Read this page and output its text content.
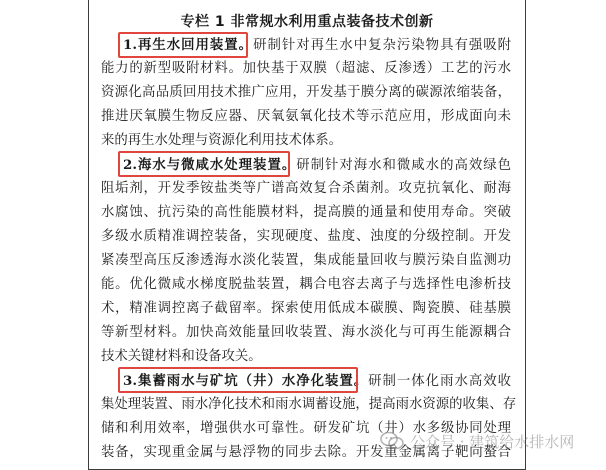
专栏 1 非常规水利用重点装备技术创新
1.再生水回用装置。研制针对再生水中复杂污染物具有强吸附
能力的新型吸附材料。加快基于双膜（超滤、反渗透）工艺的污水
资源化高品质回用技术推广应用，开发基于膜分离的碳源浓缩装备，
推进厌氧膜生物反应器、厌氧氨氧化技术等示范应用，形成面向未
来的再生水处理与资源化利用技术体系。
2.海水与微咸水处理装置。研制针对海水和微咸水的高效绿色
阻垢剂，开发季铵盐类等广谱高效复合杀菌剂。攻克抗氧化、耐海
水腐蚀、抗污染的高性能膜材料，提高膜的通量和使用寿命。突破
多级水质精准调控装备，实现硬度、盐度、浊度的分级控制。开发
紧凑型高压反渗透海水淡化装置，集成能量回收与膜污染自监测功
能。优化微咸水梯度脱盐装置，耦合电容去离子与选择性电渗析技
术，精准调控离子截留率。探索使用低成本碳膜、陶瓷膜、硅基膜
等新型材料。加快高效能量回收装置、海水淡化与可再生能源耦合
技术关键材料和设备攻关。
3.集蓄雨水与矿坑（井）水净化装置。研制一体化雨水高效收
集处理装置、雨水净化技术和雨水调蓄设施，提高雨水资源的收集、存
储和利用效率，增强供水可靠性。研发矿坑（井）水多级协同处理
装备，实现重金属与悬浮物的同步去除。开发重金属离子靶向螯合
公众号 · 建筑给水排水网
